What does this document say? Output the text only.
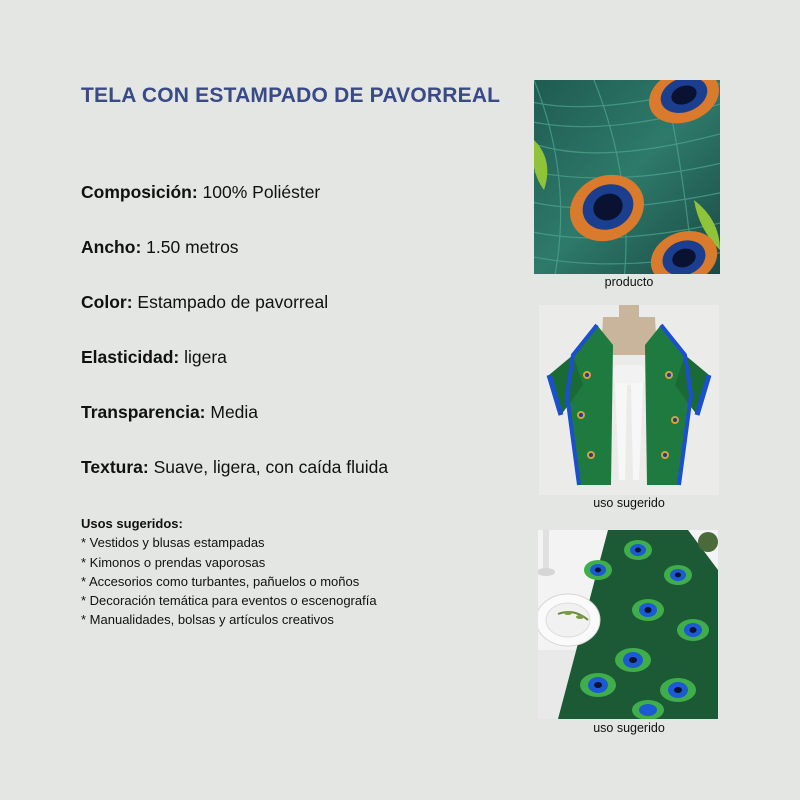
TELA CON ESTAMPADO DE PAVORREAL
Composición: 100% Poliéster
Ancho: 1.50 metros
Color: Estampado de pavorreal
Elasticidad: ligera
Transparencia: Media
Textura: Suave, ligera, con caída fluida
Usos sugeridos:
* Vestidos y blusas estampadas
* Kimonos o prendas vaporosas
* Accesorios como turbantes, pañuelos o moños
* Decoración temática para eventos o escenografía
* Manualidades, bolsas y artículos creativos
producto
uso sugerido
uso sugerido
